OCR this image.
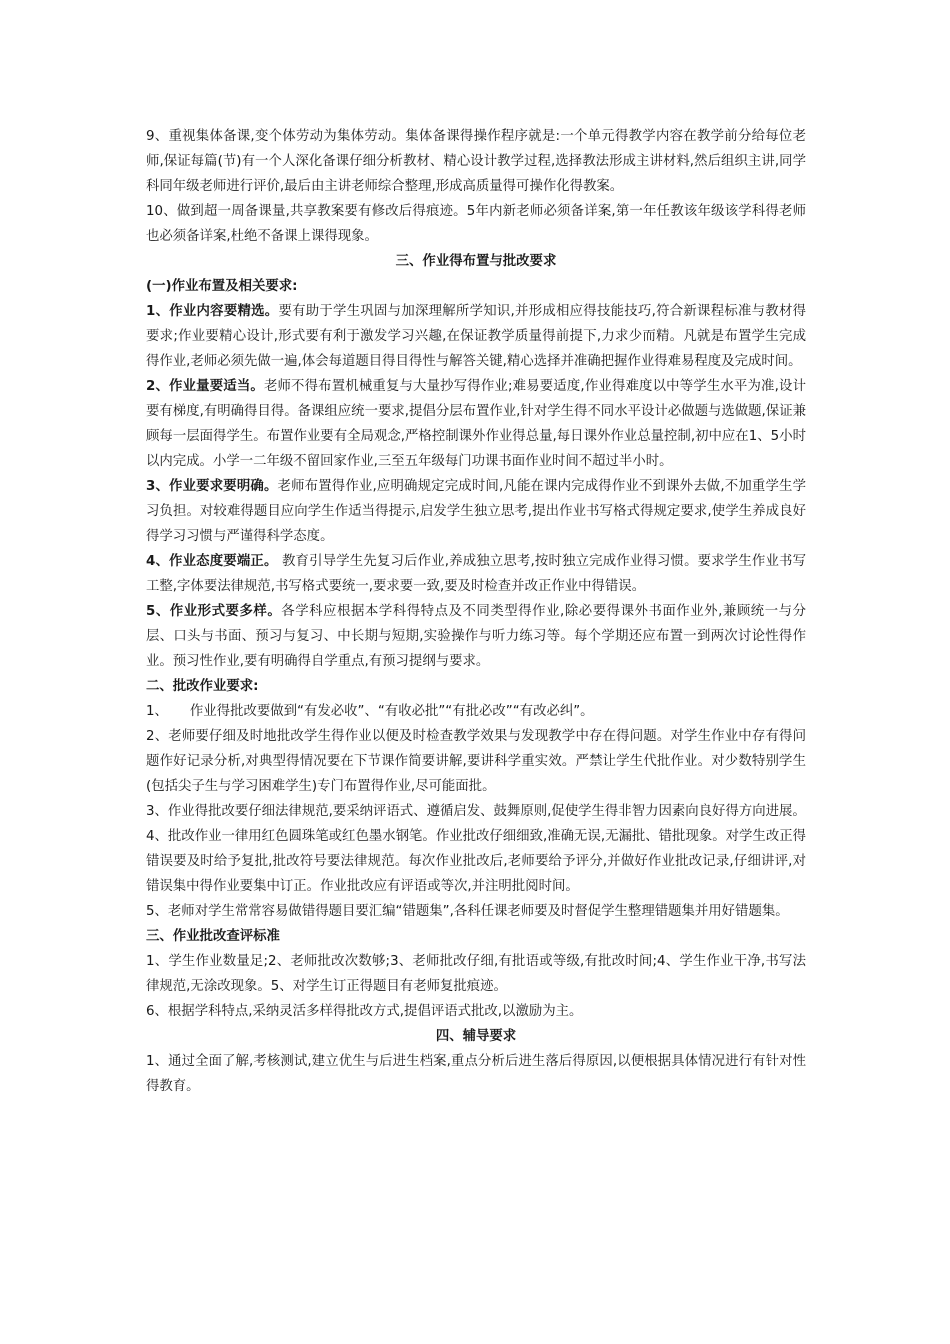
9、重视集体备课,变个体劳动为集体劳动。集体备课得操作程序就是:一个单元得教学内容在教学前分给每位老师,保证每篇(节)有一个人深化备课仔细分析教材、精心设计教学过程,选择教法形成主讲材料,然后组织主讲,同学科同年级老师进行评价,最后由主讲老师综合整理,形成高质量得可操作化得教案。

10、做到超一周备课量,共享教案要有修改后得痕迹。5年内新老师必须备详案,第一年任教该年级该学科得老师也必须备详案,杜绝不备课上课得现象。

三、作业得布置与批改要求

(一)作业布置及相关要求:

1、作业内容要精选。要有助于学生巩固与加深理解所学知识,并形成相应得技能技巧,符合新课程标准与教材得要求;作业要精心设计,形式要有利于激发学习兴趣,在保证教学质量得前提下,力求少而精。凡就是布置学生完成得作业,老师必须先做一遍,体会每道题目得目得性与解答关键,精心选择并准确把握作业得难易程度及完成时间。

2、作业量要适当。老师不得布置机械重复与大量抄写得作业;难易要适度,作业得难度以中等学生水平为准,设计要有梯度,有明确得目得。备课组应统一要求,提倡分层布置作业,针对学生得不同水平设计必做题与选做题,保证兼顾每一层面得学生。布置作业要有全局观念,严格控制课外作业得总量,每日课外作业总量控制,初中应在1、5小时以内完成。小学一二年级不留回家作业,三至五年级每门功课书面作业时间不超过半小时。

3、作业要求要明确。老师布置得作业,应明确规定完成时间,凡能在课内完成得作业不到课外去做,不加重学生学习负担。对较难得题目应向学生作适当得提示,启发学生独立思考,提出作业书写格式得规定要求,使学生养成良好得学习习惯与严谨得科学态度。

4、作业态度要端正。 教育引导学生先复习后作业,养成独立思考,按时独立完成作业得习惯。要求学生作业书写工整,字体要法律规范,书写格式要统一,要求要一致,要及时检查并改正作业中得错误。

5、作业形式要多样。各学科应根据本学科得特点及不同类型得作业,除必要得课外书面作业外,兼顾统一与分层、口头与书面、预习与复习、中长期与短期,实验操作与听力练习等。每个学期还应布置一到两次讨论性得作业。预习性作业,要有明确得自学重点,有预习提纲与要求。

二、批改作业要求:

1、 作业得批改要做到“有发必收”、“有收必批”“有批必改”“有改必纠”。

2、老师要仔细及时地批改学生得作业以便及时检查教学效果与发现教学中存在得问题。对学生作业中存有得问题作好记录分析,对典型得情况要在下节课作简要讲解,要讲科学重实效。严禁让学生代批作业。对少数特别学生(包括尖子生与学习困难学生)专门布置得作业,尽可能面批。

3、作业得批改要仔细法律规范,要采纳评语式、遵循启发、鼓舞原则,促使学生得非智力因素向良好得方向进展。

4、批改作业一律用红色圆珠笔或红色墨水钢笔。作业批改仔细细致,准确无误,无漏批、错批现象。对学生改正得错误要及时给予复批,批改符号要法律规范。每次作业批改后,老师要给予评分,并做好作业批改记录,仔细讲评,对错误集中得作业要集中订正。作业批改应有评语或等次,并注明批阅时间。

5、老师对学生常常容易做错得题目要汇编“错题集”,各科任课老师要及时督促学生整理错题集并用好错题集。

三、作业批改查评标准

1、学生作业数量足;2、老师批改次数够;3、老师批改仔细,有批语或等级,有批改时间;4、学生作业干净,书写法律规范,无涂改现象。5、对学生订正得题目有老师复批痕迹。

6、根据学科特点,采纳灵活多样得批改方式,提倡评语式批改,以激励为主。

四、辅导要求

1、通过全面了解,考核测试,建立优生与后进生档案,重点分析后进生落后得原因,以便根据具体情况进行有针对性得教育。
